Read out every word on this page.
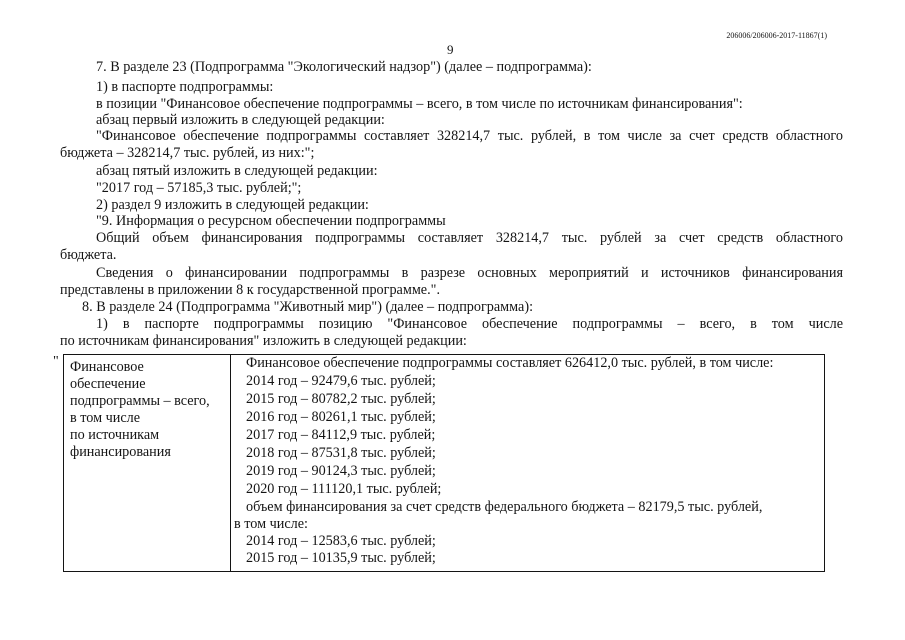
206006/206006-2017-11867(1)
9
7. В разделе 23 (Подпрограмма "Экологический надзор") (далее – подпрограмма):
1) в паспорте подпрограммы:
в позиции "Финансовое обеспечение подпрограммы – всего, в том числе по источникам финансирования":
абзац первый изложить в следующей редакции:
"Финансовое обеспечение подпрограммы составляет 328214,7 тыс. рублей, в том числе за счет средств областного
бюджета – 328214,7 тыс. рублей, из них:";
абзац пятый изложить в следующей редакции:
"2017 год – 57185,3 тыс. рублей;";
2) раздел 9 изложить в следующей редакции:
"9. Информация о ресурсном обеспечении подпрограммы
Общий объем финансирования подпрограммы составляет 328214,7 тыс. рублей за счет средств областного
бюджета.
Сведения о финансировании подпрограммы в разрезе основных мероприятий и источников финансирования
представлены в приложении 8 к государственной программе.".
8. В разделе 24 (Подпрограмма "Животный мир") (далее – подпрограмма):
1) в паспорте подпрограммы позицию "Финансовое обеспечение подпрограммы – всего, в том числе
по источникам финансирования" изложить в следующей редакции:
" Финансовое
обеспечение
подпрограммы – всего,
в том числе
по источникам
финансирования
Финансовое обеспечение подпрограммы составляет 626412,0 тыс. рублей, в том числе:
2014 год – 92479,6 тыс. рублей;
2015 год – 80782,2 тыс. рублей;
2016 год – 80261,1 тыс. рублей;
2017 год – 84112,9 тыс. рублей;
2018 год – 87531,8 тыс. рублей;
2019 год – 90124,3 тыс. рублей;
2020 год – 111120,1 тыс. рублей;
объем финансирования за счет средств федерального бюджета – 82179,5 тыс. рублей,
в том числе:
2014 год – 12583,6 тыс. рублей;
2015 год – 10135,9 тыс. рублей;
